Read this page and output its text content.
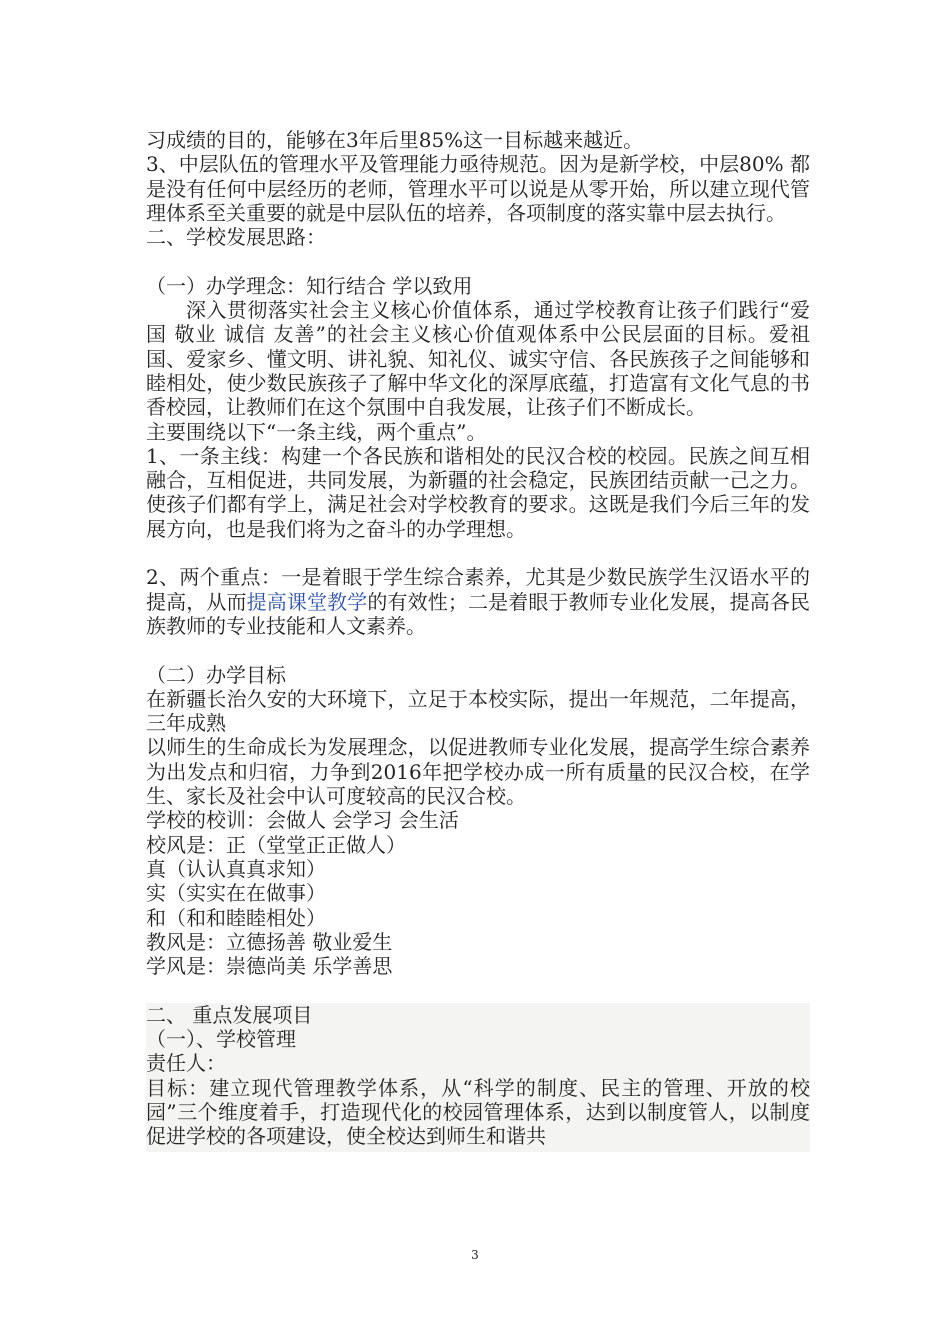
习成绩的目的，能够在3年后里85%这一目标越来越近。

3、中层队伍的管理水平及管理能力亟待规范。因为是新学校，中层80% 都是没有任何中层经历的老师，管理水平可以说是从零开始，所以建立现代管理体系至关重要的就是中层队伍的培养，各项制度的落实靠中层去执行。

二、学校发展思路：

（一）办学理念：知行结合 学以致用

深入贯彻落实社会主义核心价值体系，通过学校教育让孩子们践行“爱国 敬业 诚信 友善”的社会主义核心价值观体系中公民层面的目标。爱祖国、爱家乡、懂文明、讲礼貌、知礼仪、诚实守信、各民族孩子之间能够和睦相处，使少数民族孩子了解中华文化的深厚底蕴，打造富有文化气息的书香校园，让教师们在这个氛围中自我发展，让孩子们不断成长。

主要围绕以下“一条主线，两个重点”。

1、一条主线：构建一个各民族和谐相处的民汉合校的校园。民族之间互相融合，互相促进，共同发展，为新疆的社会稳定，民族团结贡献一己之力。使孩子们都有学上，满足社会对学校教育的要求。这既是我们今后三年的发展方向，也是我们将为之奋斗的办学理想。

2、两个重点：一是着眼于学生综合素养，尤其是少数民族学生汉语水平的提高，从而提高课堂教学的有效性；二是着眼于教师专业化发展，提高各民族教师的专业技能和人文素养。

（二）办学目标

在新疆长治久安的大环境下，立足于本校实际，提出一年规范，二年提高，三年成熟

以师生的生命成长为发展理念，以促进教师专业化发展，提高学生综合素养为出发点和归宿，力争到2016年把学校办成一所有质量的民汉合校，在学生、家长及社会中认可度较高的民汉合校。

学校的校训：会做人 会学习 会生活

校风是：正（堂堂正正做人）

真（认认真真求知）

实（实实在在做事）

和（和和睦睦相处）

教风是：立德扬善 敬业爱生

学风是：崇德尚美 乐学善思

二、 重点发展项目

（一）、学校管理

责任人：

目标：建立现代管理教学体系，从“科学的制度、民主的管理、开放的校园”三个维度着手，打造现代化的校园管理体系，达到以制度管人，以制度促进学校的各项建设，使全校达到师生和谐共

3
